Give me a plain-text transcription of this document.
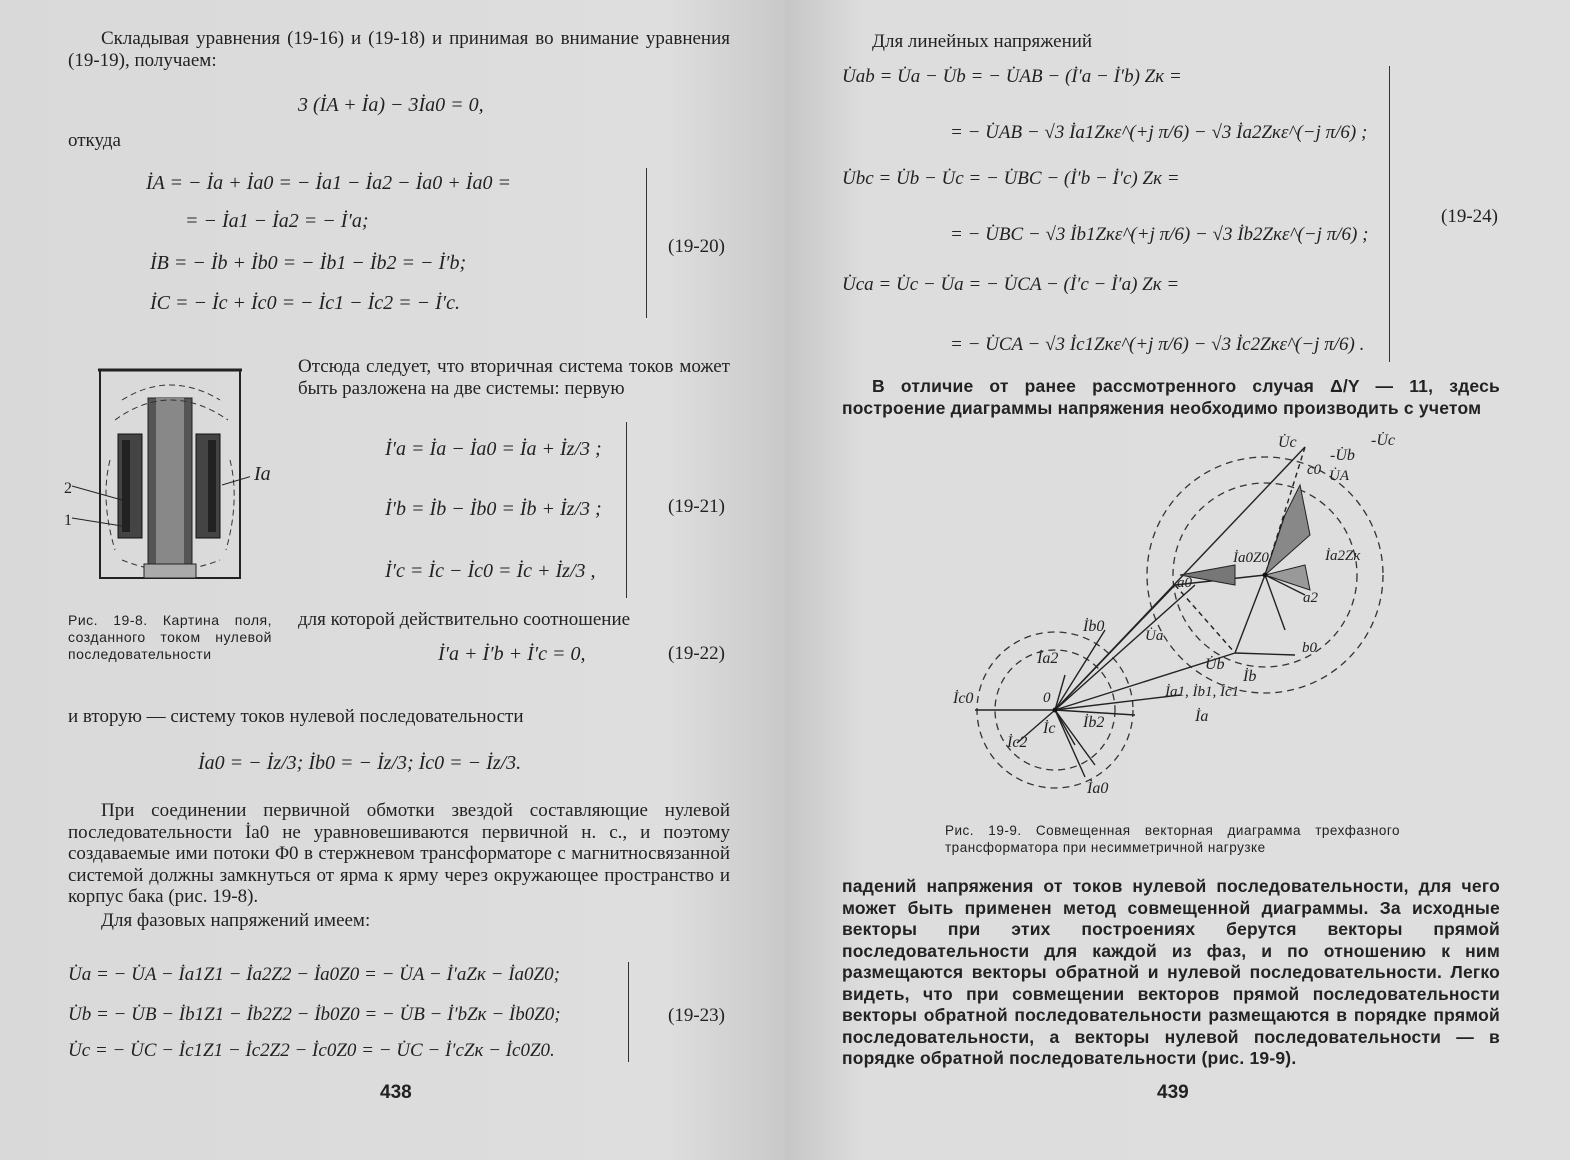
Складывая уравнения (19-16) и (19-18) и принимая во внимание уравнения (19-19), получаем:
3 (İA + İa) − 3İa0 = 0,
откуда
İA = − İa + İa0 = − İa1 − İa2 − İa0 + İa0 =
= − İa1 − İa2 = − İ′a;
İB = − İb + İb0 = − İb1 − İb2 = − İ′b;
İC = − İc + İc0 = − İc1 − İc2 = − İ′c.
(19-20)
2
1
Ia
Рис. 19-8. Картина поля, созданного током нулевой последовательности
Отсюда следует, что вторичная система токов может быть разложена на две системы: первую
İ′a = İa − İa0 = İa + İz/3 ;
İ′b = İb − İb0 = İb + İz/3 ;
İ′c = İc − İc0 = İc + İz/3 ,
(19-21)
для которой действительно соотношение
İ′a + İ′b + İ′c = 0,	(19-22)
и вторую — систему токов нулевой последовательности
İa0 = − İz/3; İb0 = − İz/3; İc0 = − İz/3.
При соединении первичной обмотки звездой составляющие нулевой последовательности İa0 не уравновешиваются первичной н. с., и поэтому создаваемые ими потоки Φ0 в стержневом трансформаторе с магнитносвязанной системой должны замкнуться от ярма к ярму через окружающее пространство и корпус бака (рис. 19-8).
Для фазовых напряжений имеем:
U̇a = − U̇A − İa1Z1 − İa2Z2 − İa0Z0 = − U̇A − İ′aZк − İa0Z0;
U̇b = − U̇B − İb1Z1 − İb2Z2 − İb0Z0 = − U̇B − İ′bZк − İb0Z0;
U̇c = − U̇C − İc1Z1 − İc2Z2 − İc0Z0 = − U̇C − İ′cZк − İc0Z0.
(19-23)
438
Для линейных напряжений
U̇ab = U̇a − U̇b = − U̇AB − (İ′a − İ′b) Zк =
= − U̇AB − √3 İa1Zкε^(+j π/6) − √3 İa2Zкε^(−j π/6) ;
U̇bc = U̇b − U̇c = − U̇BC − (İ′b − İ′c) Zк =
= − U̇BC − √3 İb1Zкε^(+j π/6) − √3 İb2Zкε^(−j π/6) ;
U̇ca = U̇c − U̇a = − U̇CA − (İ′c − İ′a) Zк =
= − U̇CA − √3 İc1Zкε^(+j π/6) − √3 İc2Zкε^(−j π/6) .
(19-24)
В отличие от ранее рассмотренного случая Δ/Y — 11, здесь построение диаграммы напряжения необходимо производить с учетом
U̇c
-U̇b
-U̇c
c0 U̇A
İa0Z0	İa2Zк
a0
a2
İb0
U̇a
b0
İa2	U̇b
İb
0
İc0	İa1, İb1, İc1
İa
İc İb2
İc2
İa0
Рис. 19-9. Совмещенная векторная диаграмма трехфазного трансформатора при несимметричной нагрузке
падений напряжения от токов нулевой последовательности, для чего может быть применен метод совмещенной диаграммы. За исходные векторы при этих построениях берутся векторы прямой последовательности для каждой из фаз, и по отношению к ним размещаются векторы обратной и нулевой последовательности. Легко видеть, что при совмещении векторов прямой последовательности векторы обратной последовательности размещаются в порядке прямой последовательности, а векторы нулевой последовательности — в порядке обратной последовательности (рис. 19-9).
439
